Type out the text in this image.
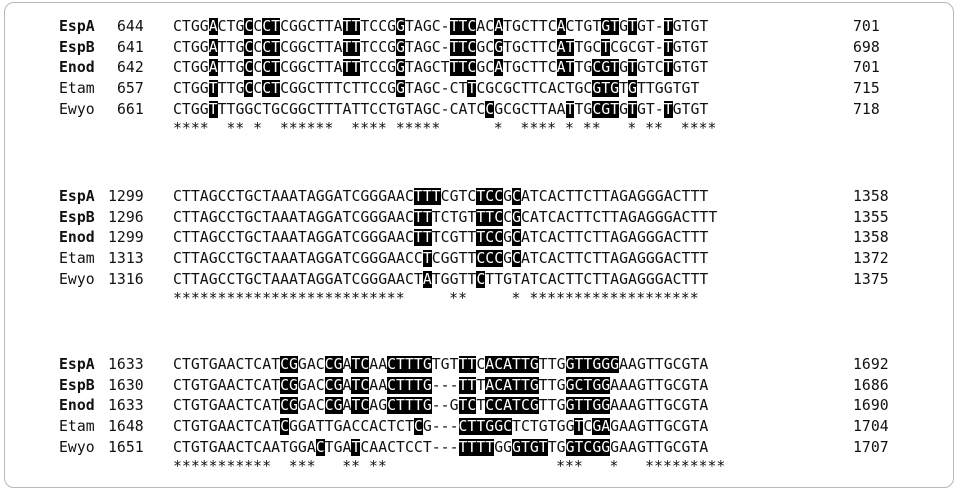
EspA 644 CTGGACTGCCCTCGGCTTATTTCCGGTAGC-TTCACATGCTTCACTGTGTGTGT-TGTGT	701
EspB 641 CTGGATTGCCCTCGGCTTATTTCCGGTAGC-TTCGCGTGCTTCATTGCTCGCGT-TGTGT	698
Enod 642 CTGGATTGCCCTCGGCTTATTTCCGGTAGCTTTCGCATGCTTCATTGCGTGTGTCTGTGT	701
Etam 657 CTGGTTTGCCCTCGGCTTTCTTCCGGTAGC-CTTCGCGCTTCACTGCGTGTGTTGGTGT	715
Ewyo 661 CTGGTTTGGCTGCGGCTTTATTCCTGTAGC-CATCCGCGCTTAATTGCGTGTGT-TGTGT	718
****  ** *  ******  **** *****      *  **** * **   * **  ****
EspA 1299 CTTAGCCTGCTAAATAGGATCGGGAACTTTCGTCTCCGCATCACTTCTTAGAGGGACTTT	1358
EspB 1296 CTTAGCCTGCTAAATAGGATCGGGAACTTTCTGTTTCCGCATCACTTCTTAGAGGGACTTT	1355
Enod 1299 CTTAGCCTGCTAAATAGGATCGGGAACTTTCGTTTCCGCATCACTTCTTAGAGGGACTTT	1358
Etam 1313 CTTAGCCTGCTAAATAGGATCGGGAACCTCGGTTCCCGCATCACTTCTTAGAGGGACTTT	1372
Ewyo 1316 CTTAGCCTGCTAAATAGGATCGGGAACTATGGTTCTTGTATCACTTCTTAGAGGGACTTT	1375
**************************     **     * *******************
EspA 1633 CTGTGAACTCATCGGACCGATCAACTTTGTGTTTCACATTGTTGGTTGGGAAGTTGCGTA	1692
EspB 1630 CTGTGAACTCATCGGACCGATCAACTTTG---TTTACATTGTTGGCTGGAAAGTTGCGTA	1686
Enod 1633 CTGTGAACTCATCGGACCGATCAGCTTTG--GTCTCCATCGTTGGTTGGAAAGTTGCGTA	1690
Etam 1648 CTGTGAACTCATCGGATTGACCACTCTCG---CTTGGCTCTGTGGTCGAGAAGTTGCGTA	1704
Ewyo 1651 CTGTGAACTCAATGGACTGATCAACTCCT---TTTTGGGTGTTGGTCGGGAAGTTGCGTA	1707
***********  ***   ** **                   ***   *   *********
